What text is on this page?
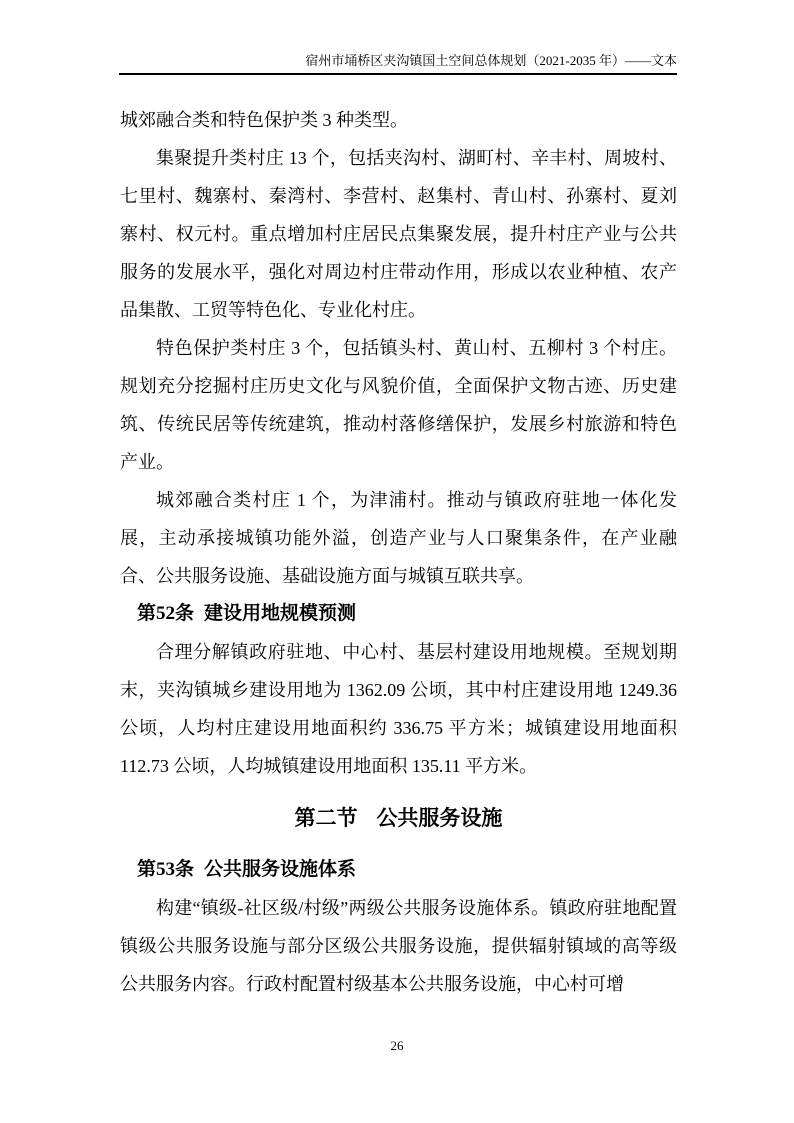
宿州市埇桥区夹沟镇国土空间总体规划（2021-2035 年）——文本

城郊融合类和特色保护类 3 种类型。

集聚提升类村庄 13 个，包括夹沟村、湖町村、辛丰村、周坡村、七里村、魏寨村、秦湾村、李营村、赵集村、青山村、孙寨村、夏刘寨村、权元村。重点增加村庄居民点集聚发展，提升村庄产业与公共服务的发展水平，强化对周边村庄带动作用，形成以农业种植、农产品集散、工贸等特色化、专业化村庄。

特色保护类村庄 3 个，包括镇头村、黄山村、五柳村 3 个村庄。规划充分挖掘村庄历史文化与风貌价值，全面保护文物古迹、历史建筑、传统民居等传统建筑，推动村落修缮保护，发展乡村旅游和特色产业。

城郊融合类村庄 1 个，为津浦村。推动与镇政府驻地一体化发展，主动承接城镇功能外溢，创造产业与人口聚集条件，在产业融合、公共服务设施、基础设施方面与城镇互联共享。

第52条 建设用地规模预测

合理分解镇政府驻地、中心村、基层村建设用地规模。至规划期末，夹沟镇城乡建设用地为 1362.09 公顷，其中村庄建设用地 1249.36 公顷，人均村庄建设用地面积约 336.75 平方米；城镇建设用地面积 112.73 公顷，人均城镇建设用地面积 135.11 平方米。

第二节 公共服务设施
第53条 公共服务设施体系

构建“镇级-社区级/村级”两级公共服务设施体系。镇政府驻地配置镇级公共服务设施与部分区级公共服务设施，提供辐射镇域的高等级公共服务内容。行政村配置村级基本公共服务设施，中心村可增

26
